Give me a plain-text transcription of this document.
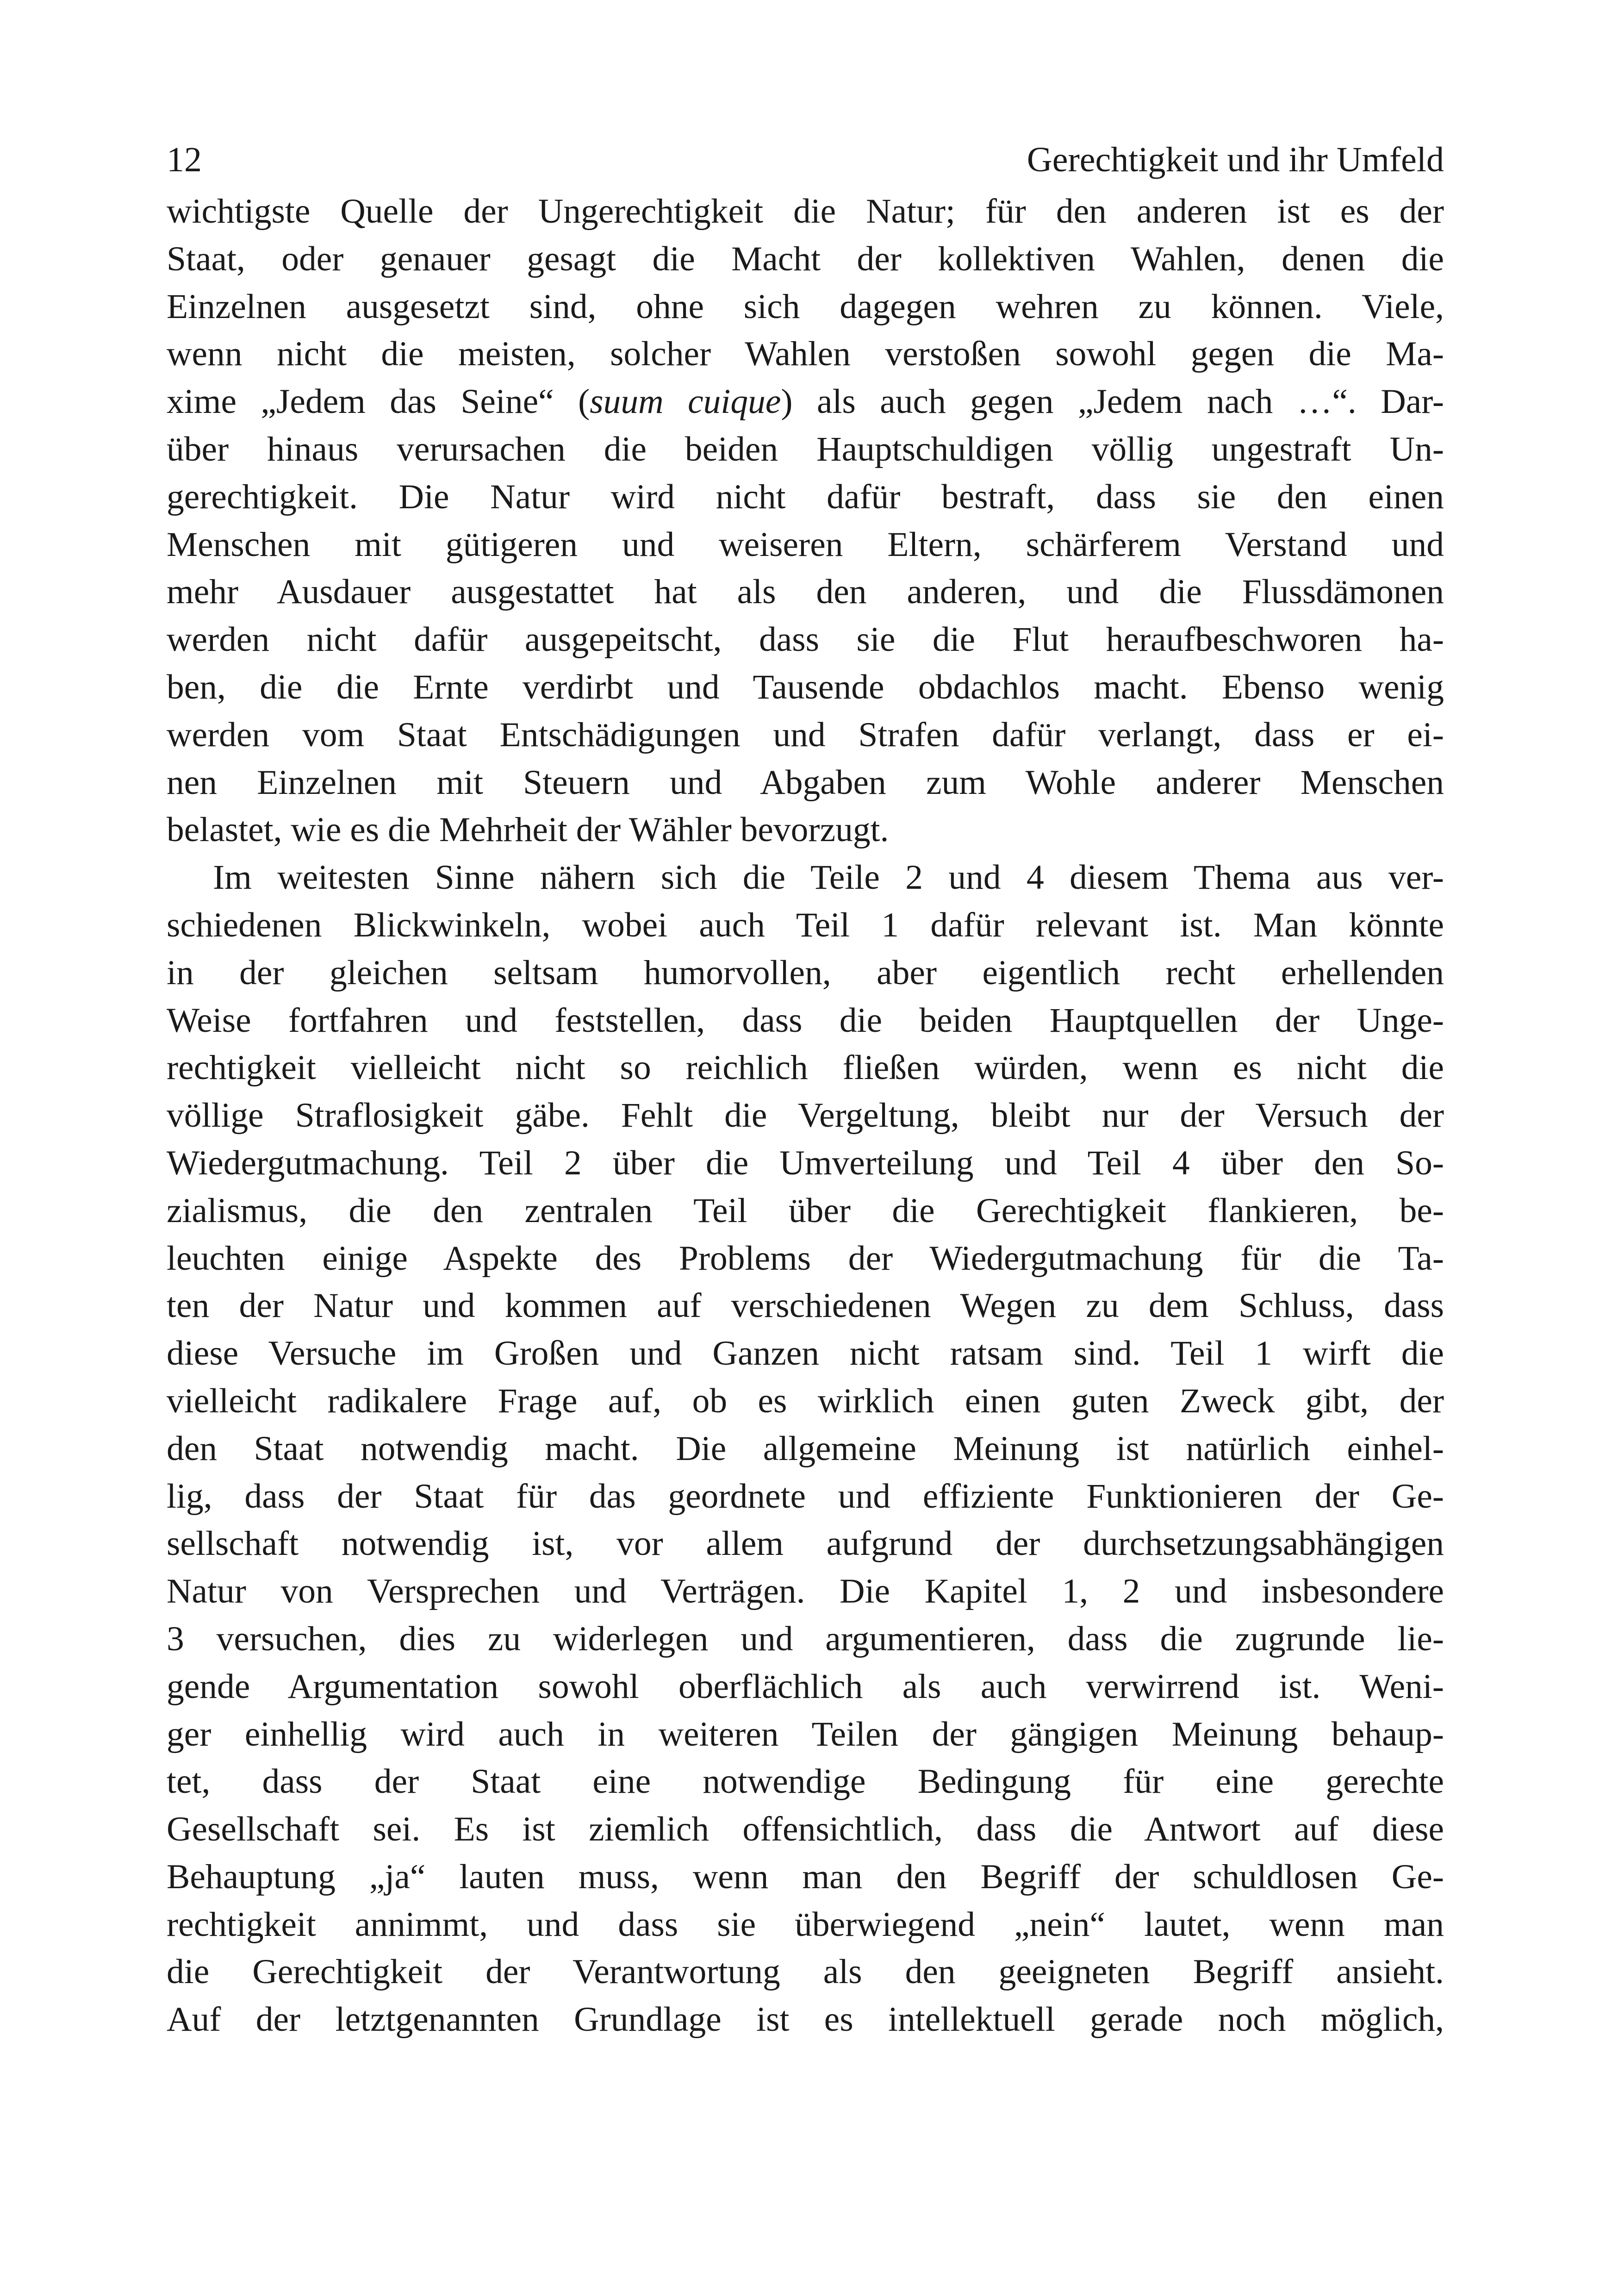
12	Gerechtigkeit und ihr Umfeld
wichtigste Quelle der Ungerechtigkeit die Natur; für den anderen ist es der
Staat, oder genauer gesagt die Macht der kollektiven Wahlen, denen die
Einzelnen ausgesetzt sind, ohne sich dagegen wehren zu können. Viele,
wenn nicht die meisten, solcher Wahlen verstoßen sowohl gegen die Ma-
xime „Jedem das Seine“ (suum cuique) als auch gegen „Jedem nach …“. Dar-
über hinaus verursachen die beiden Hauptschuldigen völlig ungestraft Un-
gerechtigkeit. Die Natur wird nicht dafür bestraft, dass sie den einen
Menschen mit gütigeren und weiseren Eltern, schärferem Verstand und
mehr Ausdauer ausgestattet hat als den anderen, und die Flussdämonen
werden nicht dafür ausgepeitscht, dass sie die Flut heraufbeschworen ha-
ben, die die Ernte verdirbt und Tausende obdachlos macht. Ebenso wenig
werden vom Staat Entschädigungen und Strafen dafür verlangt, dass er ei-
nen Einzelnen mit Steuern und Abgaben zum Wohle anderer Menschen
belastet, wie es die Mehrheit der Wähler bevorzugt.
Im weitesten Sinne nähern sich die Teile 2 und 4 diesem Thema aus ver-
schiedenen Blickwinkeln, wobei auch Teil 1 dafür relevant ist. Man könnte
in der gleichen seltsam humorvollen, aber eigentlich recht erhellenden
Weise fortfahren und feststellen, dass die beiden Hauptquellen der Unge-
rechtigkeit vielleicht nicht so reichlich fließen würden, wenn es nicht die
völlige Straflosigkeit gäbe. Fehlt die Vergeltung, bleibt nur der Versuch der
Wiedergutmachung. Teil 2 über die Umverteilung und Teil 4 über den So-
zialismus, die den zentralen Teil über die Gerechtigkeit flankieren, be-
leuchten einige Aspekte des Problems der Wiedergutmachung für die Ta-
ten der Natur und kommen auf verschiedenen Wegen zu dem Schluss, dass
diese Versuche im Großen und Ganzen nicht ratsam sind. Teil 1 wirft die
vielleicht radikalere Frage auf, ob es wirklich einen guten Zweck gibt, der
den Staat notwendig macht. Die allgemeine Meinung ist natürlich einhel-
lig, dass der Staat für das geordnete und effiziente Funktionieren der Ge-
sellschaft notwendig ist, vor allem aufgrund der durchsetzungsabhängigen
Natur von Versprechen und Verträgen. Die Kapitel 1, 2 und insbesondere
3 versuchen, dies zu widerlegen und argumentieren, dass die zugrunde lie-
gende Argumentation sowohl oberflächlich als auch verwirrend ist. Weni-
ger einhellig wird auch in weiteren Teilen der gängigen Meinung behaup-
tet, dass der Staat eine notwendige Bedingung für eine gerechte
Gesellschaft sei. Es ist ziemlich offensichtlich, dass die Antwort auf diese
Behauptung „ja“ lauten muss, wenn man den Begriff der schuldlosen Ge-
rechtigkeit annimmt, und dass sie überwiegend „nein“ lautet, wenn man
die Gerechtigkeit der Verantwortung als den geeigneten Begriff ansieht.
Auf der letztgenannten Grundlage ist es intellektuell gerade noch möglich,
